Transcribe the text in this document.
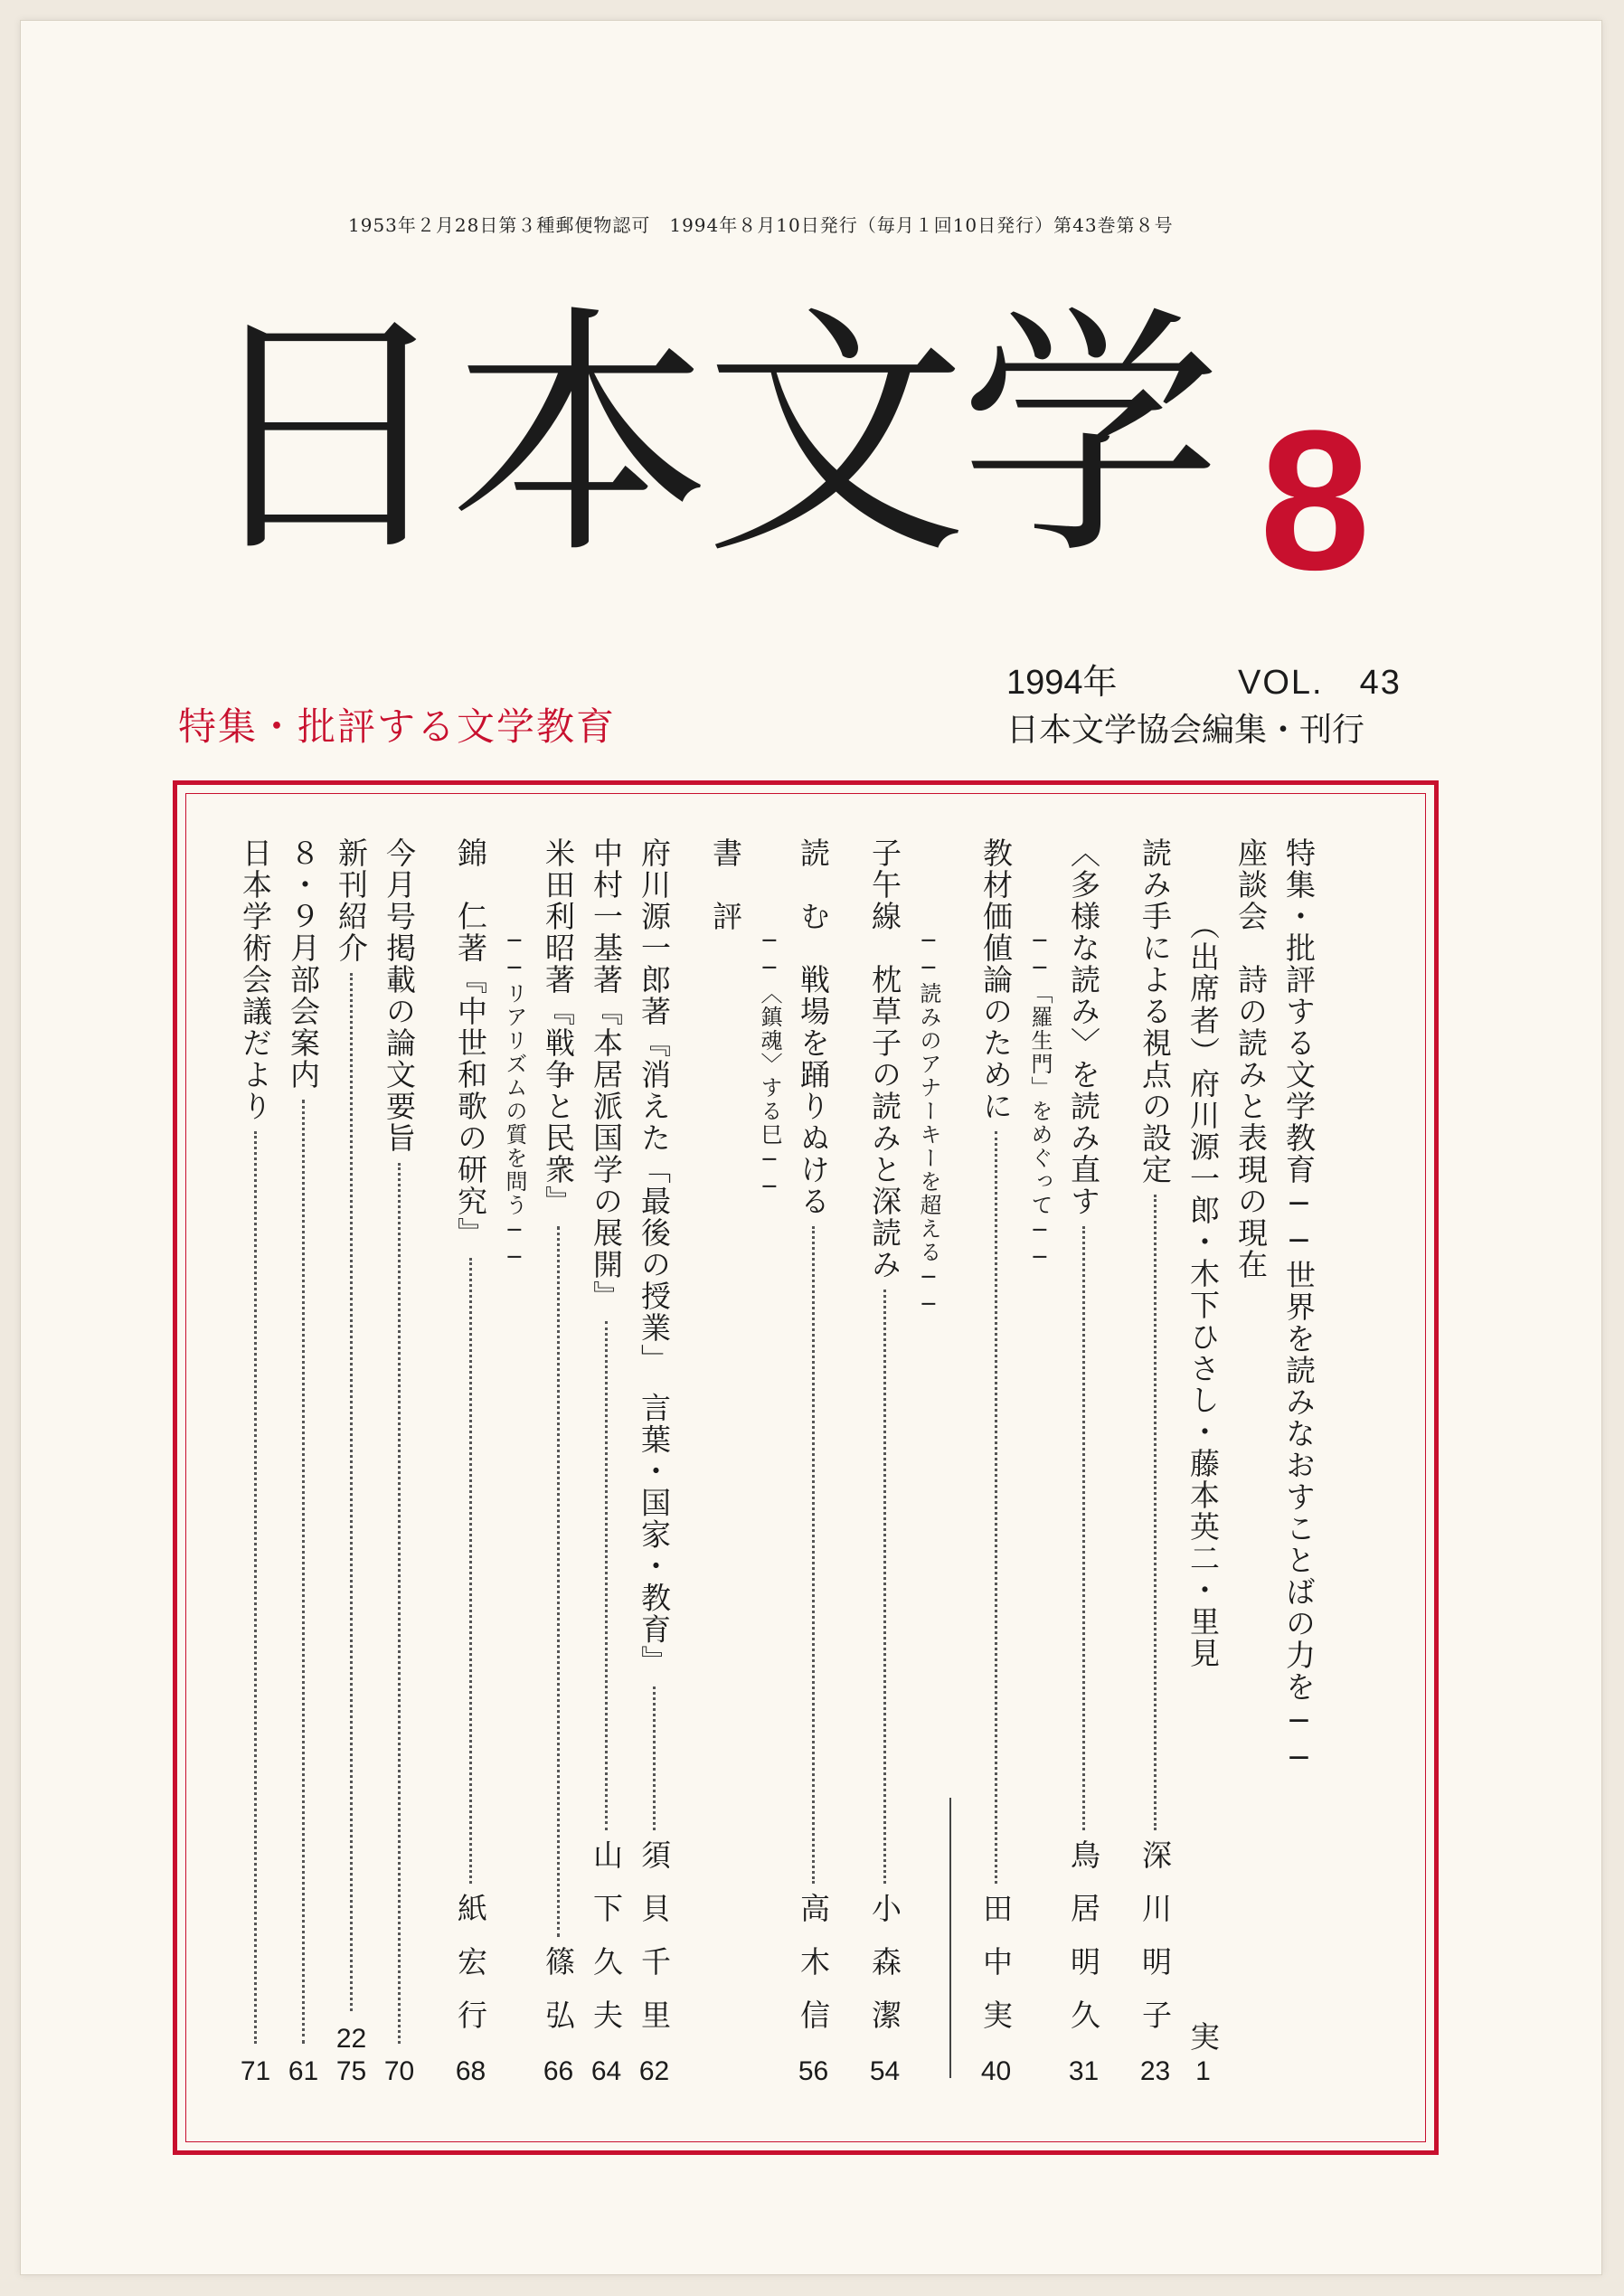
1953年２月28日第３種郵便物認可　1994年８月10日発行（毎月１回10日発行）第43巻第８号
日本文学 8
1994年	VOL.　43
日本文学協会編集・刊行
特集・批評する文学教育
特集・批評する文学教育──世界を読みなおすことばの力を──
座談会　詩の読みと表現の現在
（出席者）府川源一郎・木下ひさし・藤本英二・里見
実
1
読み手による視点の設定
深川明子
23
〈多様な読み〉を読み直す
鳥居明久
31
──「羅生門」をめぐって──
教材価値論のために
田中実
40
──読みのアナーキーを超える──
子午線　枕草子の読みと深読み
小森潔
54
読　む　戦場を踊りぬける
高木信
56
──〈鎮魂〉する巳──
書　評
府川源一郎著『消えた「最後の授業」　言葉・国家・教育』
須貝千里
62
中村一基著『本居派国学の展開』
山下久夫
64
米田利昭著『戦争と民衆』
篠弘
66
──リアリズムの質を問う──
錦　仁著『中世和歌の研究』
紙宏行
68
今月号掲載の論文要旨
70
新刊紹介
22
75
８・９月部会案内
61
日本学術会議だより
71
